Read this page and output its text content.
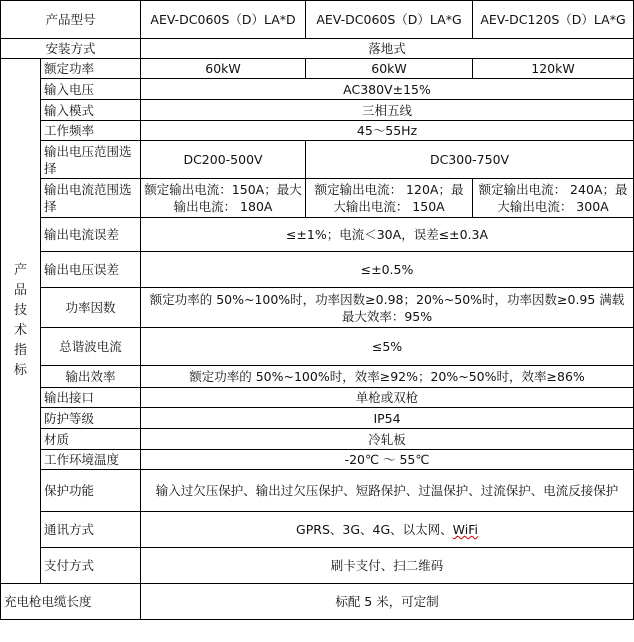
产品型号		AEV-DC060S（D）LA*D	AEV-DC060S（D）LA*G	AEV-DC120S（D）LA*G
安装方式		落地式		

产品技术指标	额定功率	60kW	60kW	120kW
	输入电压	AC380V±15%		
	输入模式	三相五线		
	工作频率	45～55Hz		
	输出电压范围选择	DC200-500V	DC300-750V	
	输出电流范围选择	额定输出电流：150A；最大输出电流： 180A	额定输出电流： 120A；最大输出电流： 150A	额定输出电流： 240A；最大输出电流： 300A
	输出电流误差	≤±1%；电流＜30A，误差≤±0.3A		
	输出电压误差	≤±0.5%		
	功率因数	额定功率的 50%~100%时，功率因数≥0.98；20%~50%时，功率因数≥0.95 满载最大效率：95%		
	总谐波电流	≤5%		
	输出效率	额定功率的 50%~100%时，效率≥92%；20%~50%时，效率≥86%		
	输出接口	单枪或双枪		
	防护等级	IP54		
	材质	冷轧板		
	工作环境温度	-20℃ ～ 55℃		
	保护功能	输入过欠压保护、输出过欠压保护、短路保护、过温保护、过流保护、电流反接保护		
	通讯方式	GPRS、3G、4G、以太网、WiFi		
	支付方式	刷卡支付、扫二维码		
充电枪电缆长度		标配 5 米，可定制		
